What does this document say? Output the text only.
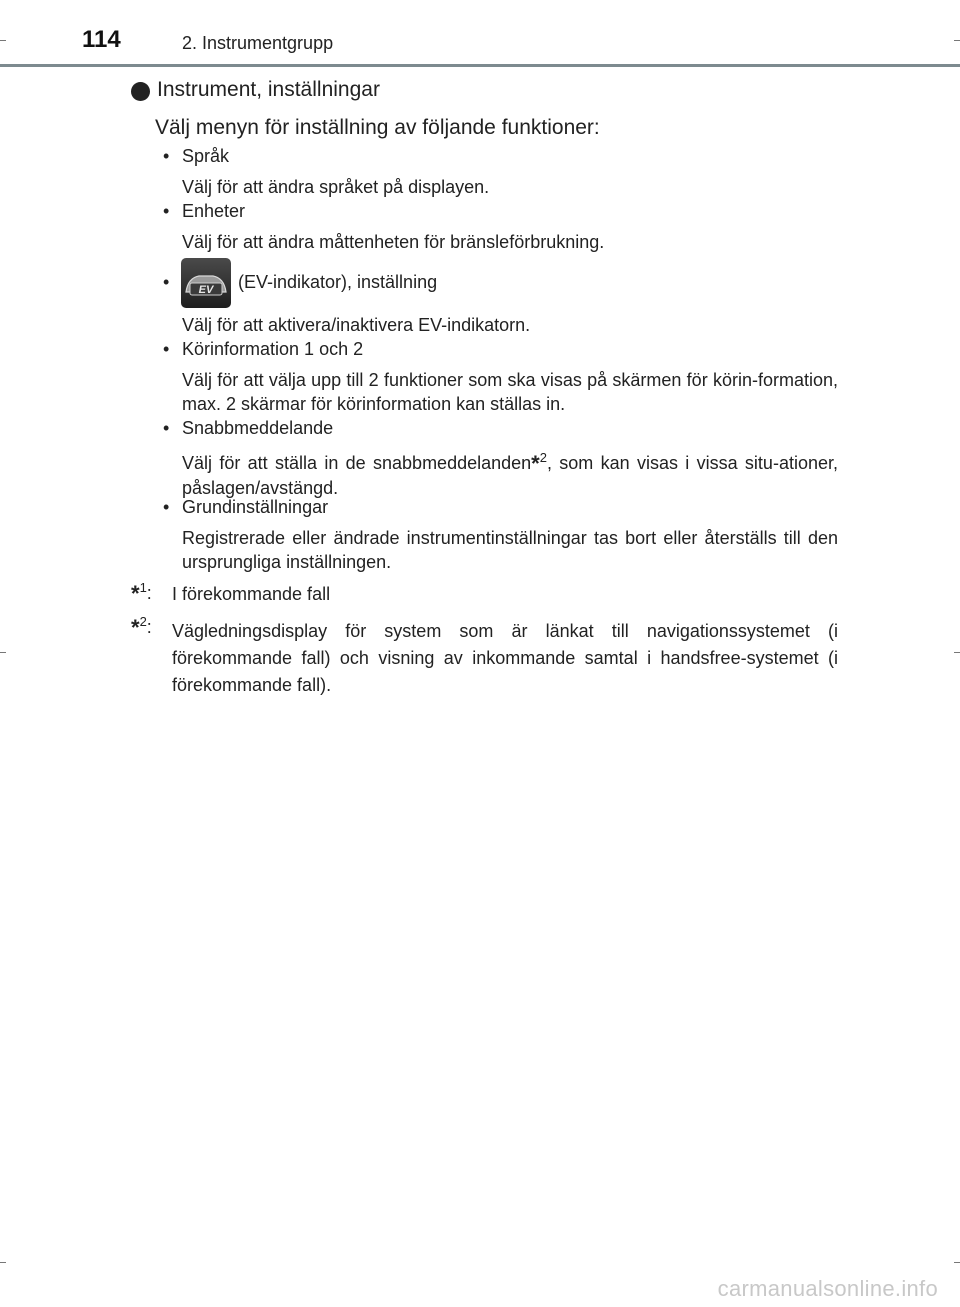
114	2. Instrumentgrupp
Instrument, inställningar
Välj menyn för inställning av följande funktioner:
• Språk
Välj för att ändra språket på displayen.
• Enheter
Välj för att ändra måttenheten för bränsleförbrukning.
•	EV (EV-indikator), inställning
Välj för att aktivera/inaktivera EV-indikatorn.
• Körinformation 1 och 2
Välj för att välja upp till 2 funktioner som ska visas på skärmen för körin-formation, max. 2 skärmar för körinformation kan ställas in.
• Snabbmeddelande
Välj för att ställa in de snabbmeddelanden*$^2$, som kan visas i vissa situ-ationer, påslagen/avstängd.
• Grundinställningar
Registrerade eller ändrade instrumentinställningar tas bort eller återställs till den ursprungliga inställningen.
*$^1$: I förekommande fall
*$^2$: Vägledningsdisplay för system som är länkat till navigationssystemet (i förekommande fall) och visning av inkommande samtal i handsfree-systemet (i förekommande fall).
carmanualsonline.info
